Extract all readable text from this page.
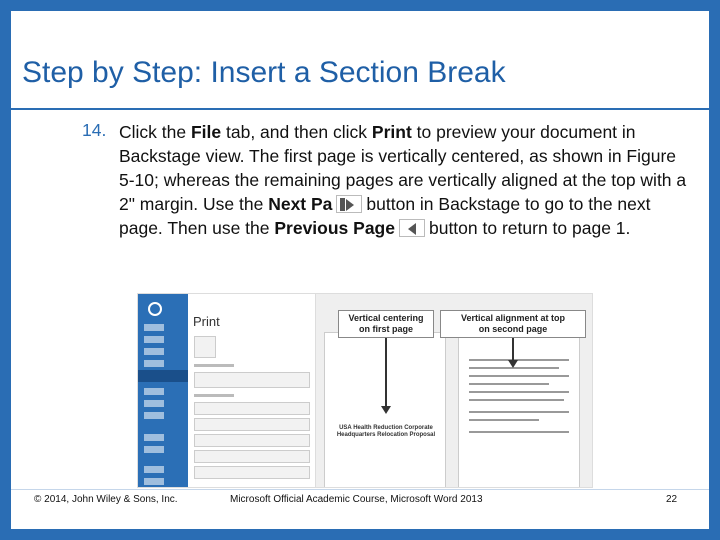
Step by Step: Insert a Section Break
14. Click the File tab, and then click Print to preview your document in Backstage view. The first page is vertically centered, as shown in Figure 5-10; whereas the remaining pages are vertically aligned at the top with a 2" margin. Use the Next Pa button in Backstage to go to the next page. Then use the Previous Page button to return to page 1.
Print
USA Health Reduction Corporate Headquarters Relocation Proposal
Vertical centering
on first page
Vertical alignment at top
on second page
© 2014, John Wiley & Sons, Inc.	Microsoft Official Academic Course, Microsoft Word 2013	22
